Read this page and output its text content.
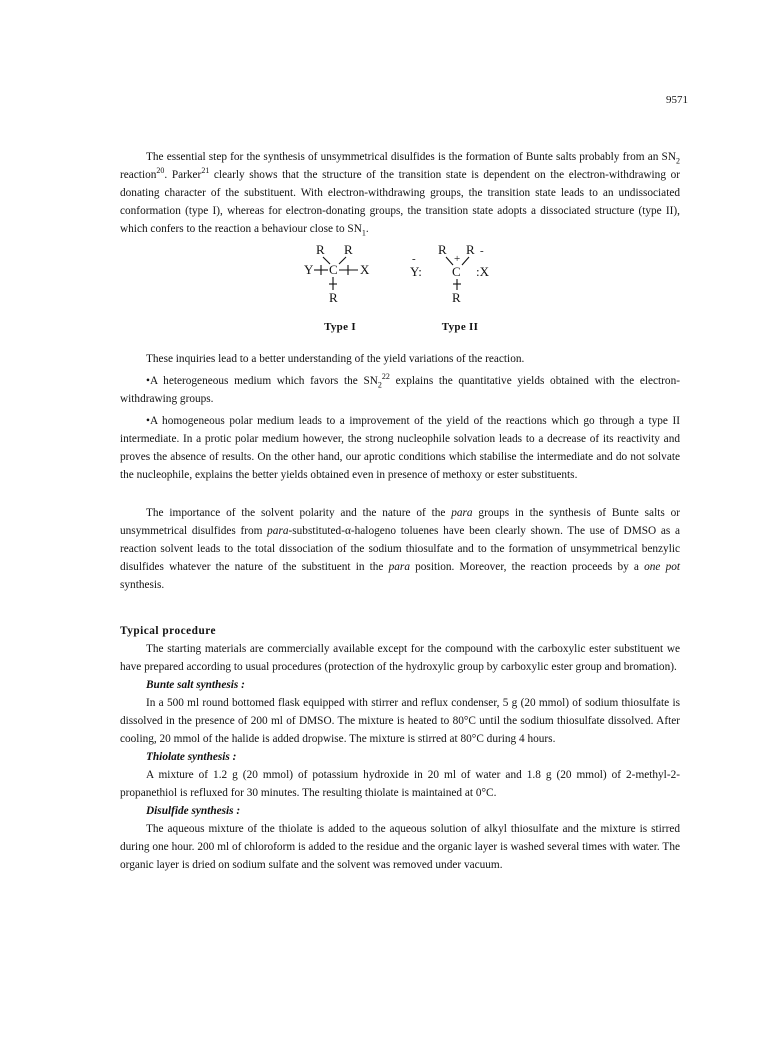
9571

The essential step for the synthesis of unsymmetrical disulfides is the formation of Bunte salts probably from an $SN_2$ reaction$^{20}$. Parker$^{21}$ clearly shows that the structure of the transition state is dependent on the electron-withdrawing or donating character of the substituent. With electron-withdrawing groups, the transition state leads to an undissociated conformation (type I), whereas for electron-donating groups, the transition state adopts a dissociated structure (type II), which confers to the reaction a behaviour close to $SN_1$.

R R
Y C X
R
Type I
R R
+
-
Y: C
-
:X
R
Type II

These inquiries lead to a better understanding of the yield variations of the reaction.

•A heterogeneous medium which favors the $SN_2^{22}$ explains the quantitative yields obtained with the electron-withdrawing groups.

•A homogeneous polar medium leads to a improvement of the yield of the reactions which go through a type II intermediate. In a protic polar medium however, the strong nucleophile solvation leads to a decrease of its reactivity and proves the absence of results. On the other hand, our aprotic conditions which stabilise the intermediate and do not solvate the nucleophile, explains the better yields obtained even in presence of methoxy or ester substituents.

The importance of the solvent polarity and the nature of the para groups in the synthesis of Bunte salts or unsymmetrical disulfides from para-substituted-α-halogeno toluenes have been clearly shown. The use of DMSO as a reaction solvent leads to the total dissociation of the sodium thiosulfate and to the formation of unsymmetrical benzylic disulfides whatever the nature of the substituent in the para position. Moreover, the reaction proceeds by a one pot synthesis.

Typical procedure

The starting materials are commercially available except for the compound with the carboxylic ester substituent we have prepared according to usual procedures (protection of the hydroxylic group by carboxylic ester group and bromation).

Bunte salt synthesis :

In a 500 ml round bottomed flask equipped with stirrer and reflux condenser, 5 g (20 mmol) of sodium thiosulfate is dissolved in the presence of 200 ml of DMSO. The mixture is heated to 80°C until the sodium thiosulfate dissolved. After cooling, 20 mmol of the halide is added dropwise. The mixture is stirred at 80°C during 4 hours.

Thiolate synthesis :

A mixture of 1.2 g (20 mmol) of potassium hydroxide in 20 ml of water and 1.8 g (20 mmol) of 2-methyl-2-propanethiol is refluxed for 30 minutes. The resulting thiolate is maintained at 0°C.

Disulfide synthesis :

The aqueous mixture of the thiolate is added to the aqueous solution of alkyl thiosulfate and the mixture is stirred during one hour. 200 ml of chloroform is added to the residue and the organic layer is washed several times with water. The organic layer is dried on sodium sulfate and the solvent was removed under vacuum.
